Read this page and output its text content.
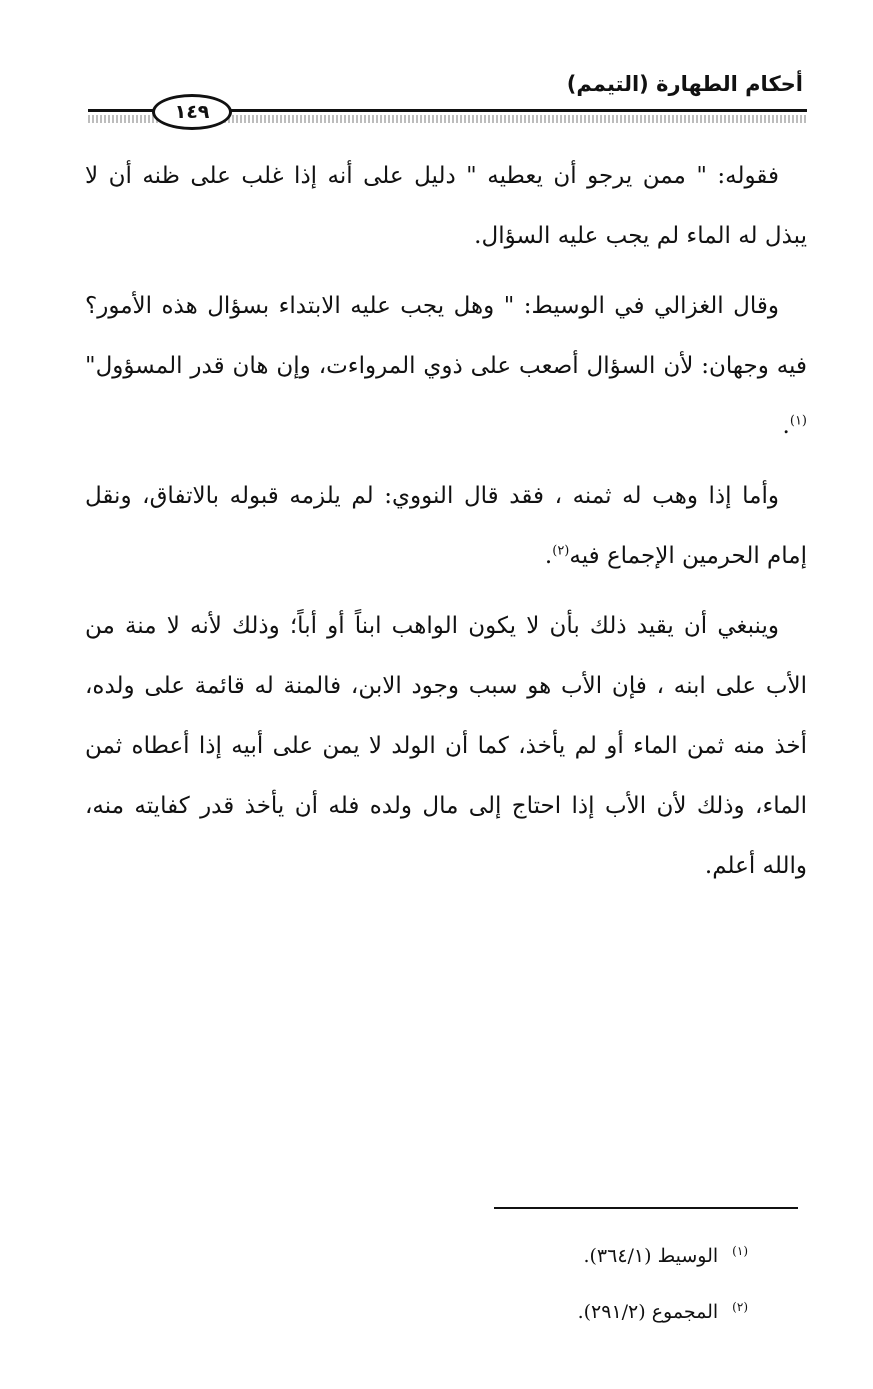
أحكام الطهارة (التيمم)
١٤٩

فقوله: " ممن يرجو أن يعطيه " دليل على أنه إذا غلب على ظنه أن لا يبذل له الماء لم يجب عليه السؤال.

وقال الغزالي في الوسيط: " وهل يجب عليه الابتداء بسؤال هذه الأمور؟ فيه وجهان: لأن السؤال أصعب على ذوي المرواءت، وإن هان قدر المسؤول"$^{(١)}$.

وأما إذا وهب له ثمنه ، فقد قال النووي: لم يلزمه قبوله بالاتفاق، ونقل إمام الحرمين الإجماع فيه$^{(٢)}$.

وينبغي أن يقيد ذلك بأن لا يكون الواهب ابناً أو أباً؛ وذلك لأنه لا منة من الأب على ابنه ، فإن الأب هو سبب وجود الابن، فالمنة له قائمة على ولده، أخذ منه ثمن الماء أو لم يأخذ، كما أن الولد لا يمن على أبيه إذا أعطاه ثمن الماء، وذلك لأن الأب إذا احتاج إلى مال ولده فله أن يأخذ قدر كفايته منه، والله أعلم.

$^{(١)}$الوسيط (٣٦٤/١).

$^{(٢)}$المجموع (٢٩١/٢).
